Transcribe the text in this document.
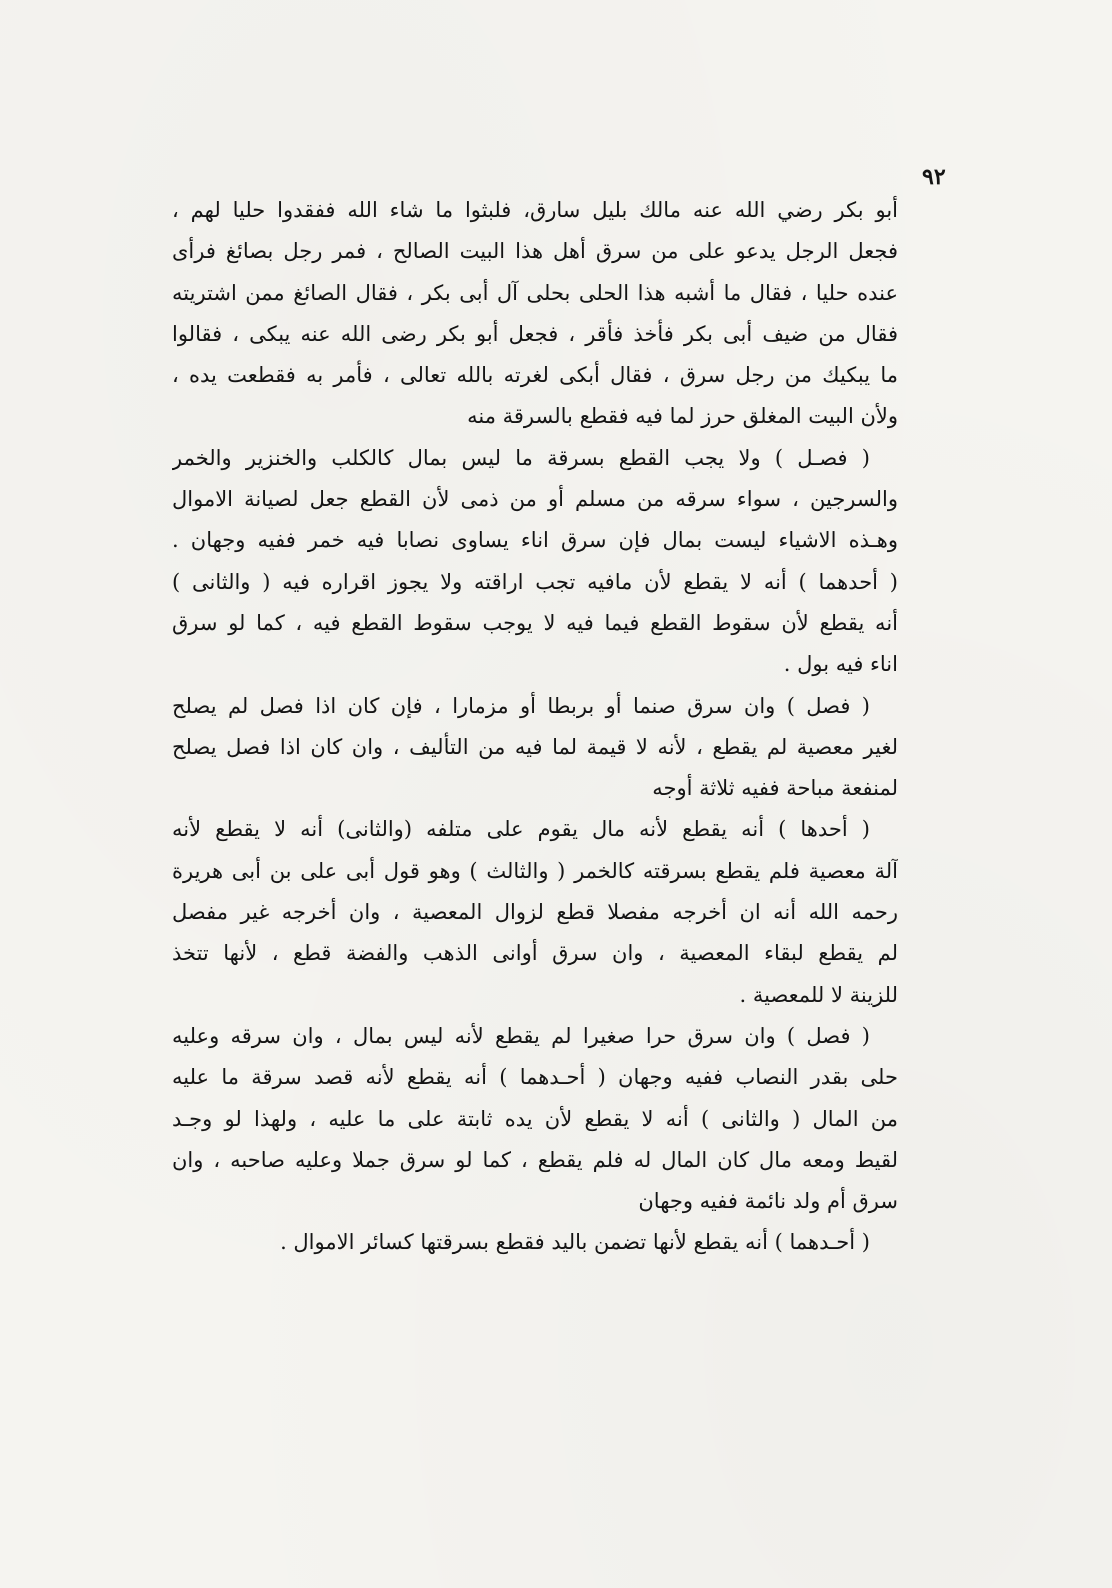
٩٢
أبو بكر رضي الله عنه مالك بليل سارق، فلبثوا ما شاء الله ففقدوا حليا لهم ،
فجعل الرجل يدعو على من سرق أهل هذا البيت الصالح ، فمر رجل بصائغ فرأى
عنده حليا ، فقال ما أشبه هذا الحلى بحلى آل أبى بكر ، فقال الصائغ ممن اشتريته
فقال من ضيف أبى بكر فأخذ فأقر ، فجعل أبو بكر رضى الله عنه يبكى ، فقالوا
ما يبكيك من رجل سرق ، فقال أبكى لغرته بالله تعالى ، فأمر به فقطعت يده ،
ولأن البيت المغلق حرز لما فيه فقطع بالسرقة منه
( فصـل ) ولا يجب القطع بسرقة ما ليس بمال كالكلب والخنزير والخمر
والسرجين ، سواء سرقه من مسلم أو من ذمى لأن القطع جعل لصيانة الاموال
وهـذه الاشياء ليست بمال فإن سرق اناء يساوى نصابا فيه خمر ففيه وجهان .
( أحدهما ) أنه لا يقطع لأن مافيه تجب اراقته ولا يجوز اقراره فيه ( والثانى )
أنه يقطع لأن سقوط القطع فيما فيه لا يوجب سقوط القطع فيه ، كما لو سرق
اناء فيه بول .
( فصل ) وان سرق صنما أو بربطا أو مزمارا ، فإن كان اذا فصل لم يصلح
لغير معصية لم يقطع ، لأنه لا قيمة لما فيه من التأليف ، وان كان اذا فصل يصلح
لمنفعة مباحة ففيه ثلاثة أوجه
( أحدها ) أنه يقطع لأنه مال يقوم على متلفه (والثانى) أنه لا يقطع لأنه
آلة معصية فلم يقطع بسرقته كالخمر ( والثالث ) وهو قول أبى على بن أبى هريرة
رحمه الله أنه ان أخرجه مفصلا قطع لزوال المعصية ، وان أخرجه غير مفصل
لم يقطع لبقاء المعصية ، وان سرق أوانى الذهب والفضة قطع ، لأنها تتخذ
للزينة لا للمعصية .
( فصل ) وان سرق حرا صغيرا لم يقطع لأنه ليس بمال ، وان سرقه وعليه
حلى بقدر النصاب ففيه وجهان ( أحـدهما ) أنه يقطع لأنه قصد سرقة ما عليه
من المال ( والثانى ) أنه لا يقطع لأن يده ثابتة على ما عليه ، ولهذا لو وجـد
لقيط ومعه مال كان المال له فلم يقطع ، كما لو سرق جملا وعليه صاحبه ، وان
سرق أم ولد نائمة ففيه وجهان
( أحـدهما ) أنه يقطع لأنها تضمن باليد فقطع بسرقتها كسائر الاموال .
